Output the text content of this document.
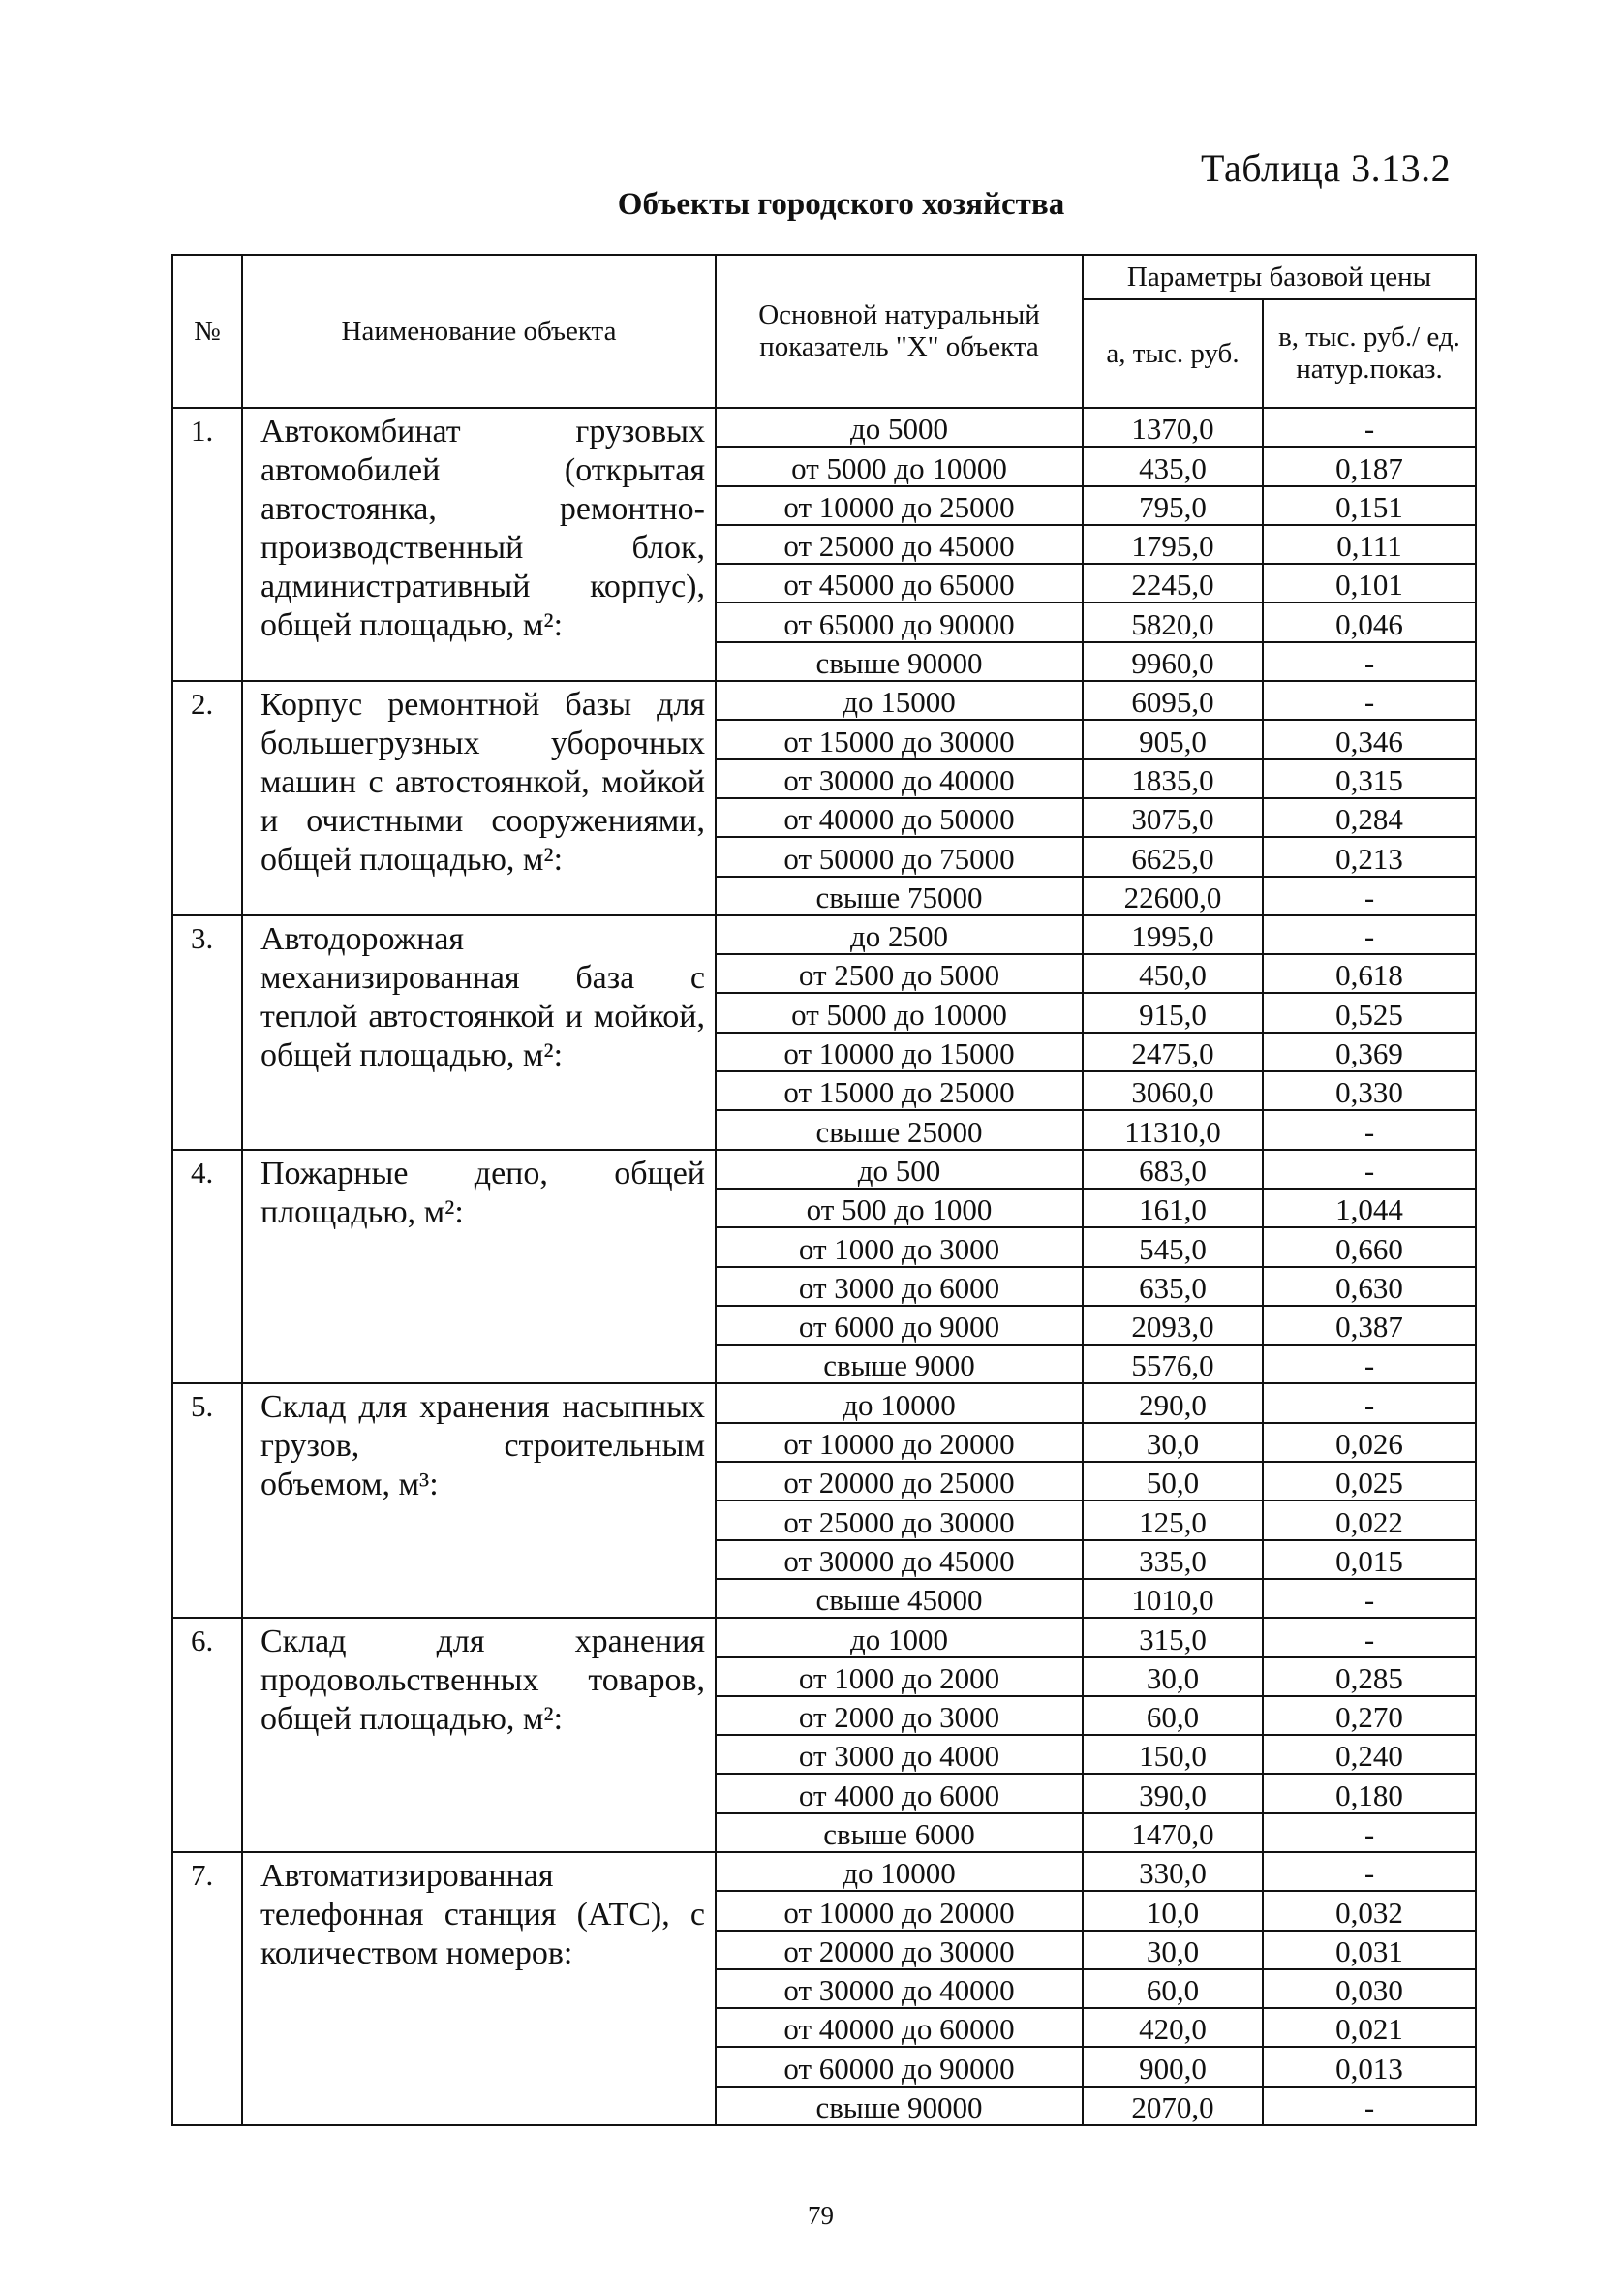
Таблица 3.13.2
Объекты городского хозяйства
№	Наименование объекта	Основной натуральный показатель "X" объекта	Параметры базовой цены	
			а, тыс. руб.	в, тыс. руб./ ед. натур.показ.
1.	Автокомбинат грузовых автомобилей (открытая автостоянка, ремонтно-производственный блок, административный корпус), общей площадью, м²:	до 5000	1370,0	-
		от 5000 до 10000	435,0	0,187
		от 10000 до 25000	795,0	0,151
		от 25000 до 45000	1795,0	0,111
		от 45000 до 65000	2245,0	0,101
		от 65000 до 90000	5820,0	0,046
		свыше 90000	9960,0	-
2.	Корпус ремонтной базы для большегрузных уборочных машин с автостоянкой, мойкой и очистными сооружениями, общей площадью, м²:	до 15000	6095,0	-
		от 15000 до 30000	905,0	0,346
		от 30000 до 40000	1835,0	0,315
		от 40000 до 50000	3075,0	0,284
		от 50000 до 75000	6625,0	0,213
		свыше 75000	22600,0	-
3.	Автодорожная механизированная база с теплой автостоянкой и мойкой, общей площадью, м²:	до 2500	1995,0	-
		от 2500 до 5000	450,0	0,618
		от 5000 до 10000	915,0	0,525
		от 10000 до 15000	2475,0	0,369
		от 15000 до 25000	3060,0	0,330
		свыше 25000	11310,0	-
4.	Пожарные депо, общей площадью, м²:	до 500	683,0	-
		от 500 до 1000	161,0	1,044
		от 1000 до 3000	545,0	0,660
		от 3000 до 6000	635,0	0,630
		от 6000 до 9000	2093,0	0,387
		свыше 9000	5576,0	-
5.	Склад для хранения насыпных грузов, строительным объемом, м³:	до 10000	290,0	-
		от 10000 до 20000	30,0	0,026
		от 20000 до 25000	50,0	0,025
		от 25000 до 30000	125,0	0,022
		от 30000 до 45000	335,0	0,015
		свыше 45000	1010,0	-
6.	Склад для хранения продовольственных товаров, общей площадью, м²:	до 1000	315,0	-
		от 1000 до 2000	30,0	0,285
		от 2000 до 3000	60,0	0,270
		от 3000 до 4000	150,0	0,240
		от 4000 до 6000	390,0	0,180
		свыше 6000	1470,0	-
7.	Автоматизированная телефонная станция (АТС), с количеством номеров:	до 10000	330,0	-
		от 10000 до 20000	10,0	0,032
		от 20000 до 30000	30,0	0,031
		от 30000 до 40000	60,0	0,030
		от 40000 до 60000	420,0	0,021
		от 60000 до 90000	900,0	0,013
		свыше 90000	2070,0	-
79
